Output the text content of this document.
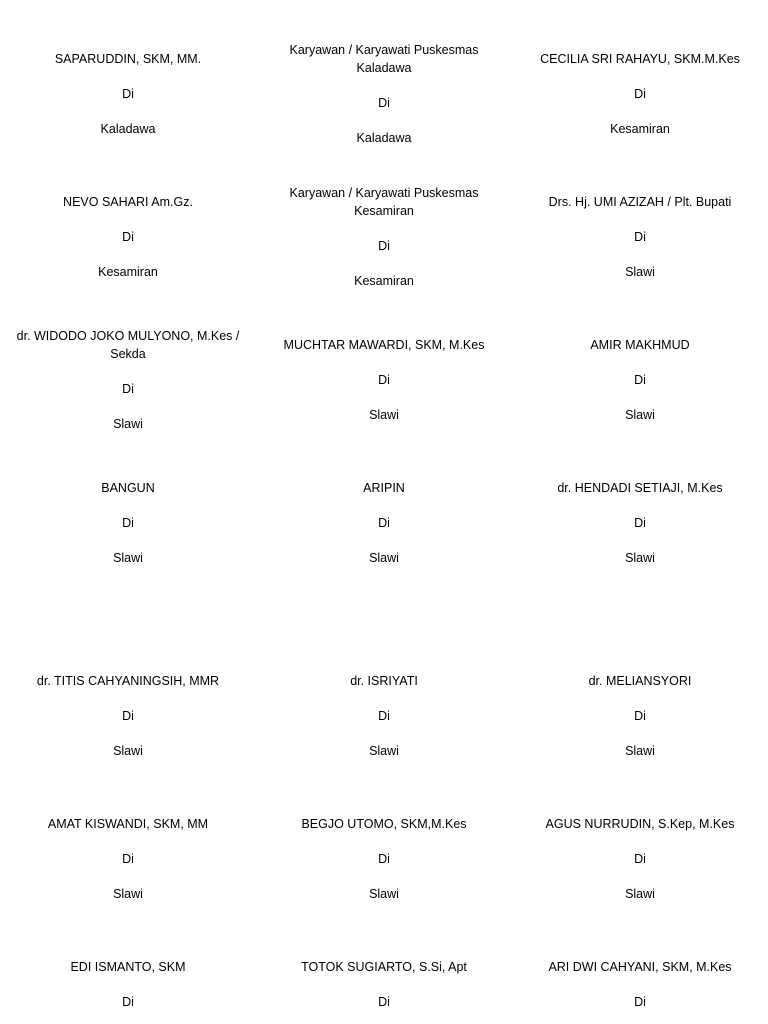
SAPARUDDIN, SKM, MM.
Di
Kaladawa
Karyawan / Karyawati Puskesmas Kaladawa
Di
Kaladawa
CECILIA SRI RAHAYU, SKM.M.Kes
Di
Kesamiran
NEVO SAHARI Am.Gz.
Di
Kesamiran
Karyawan / Karyawati Puskesmas Kesamiran
Di
Kesamiran
Drs. Hj. UMI AZIZAH / Plt. Bupati
Di
Slawi
dr. WIDODO JOKO MULYONO, M.Kes / Sekda
Di
Slawi
MUCHTAR MAWARDI, SKM, M.Kes
Di
Slawi
AMIR MAKHMUD
Di
Slawi
BANGUN
Di
Slawi
ARIPIN
Di
Slawi
dr. HENDADI SETIAJI, M.Kes
Di
Slawi
dr. TITIS CAHYANINGSIH, MMR
Di
Slawi
dr. ISRIYATI
Di
Slawi
dr. MELIANSYORI
Di
Slawi
AMAT KISWANDI, SKM, MM
Di
Slawi
BEGJO UTOMO, SKM,M.Kes
Di
Slawi
AGUS NURRUDIN, S.Kep, M.Kes
Di
Slawi
EDI ISMANTO, SKM
Di
TOTOK SUGIARTO, S.Si, Apt
Di
ARI DWI CAHYANI, SKM, M.Kes
Di
